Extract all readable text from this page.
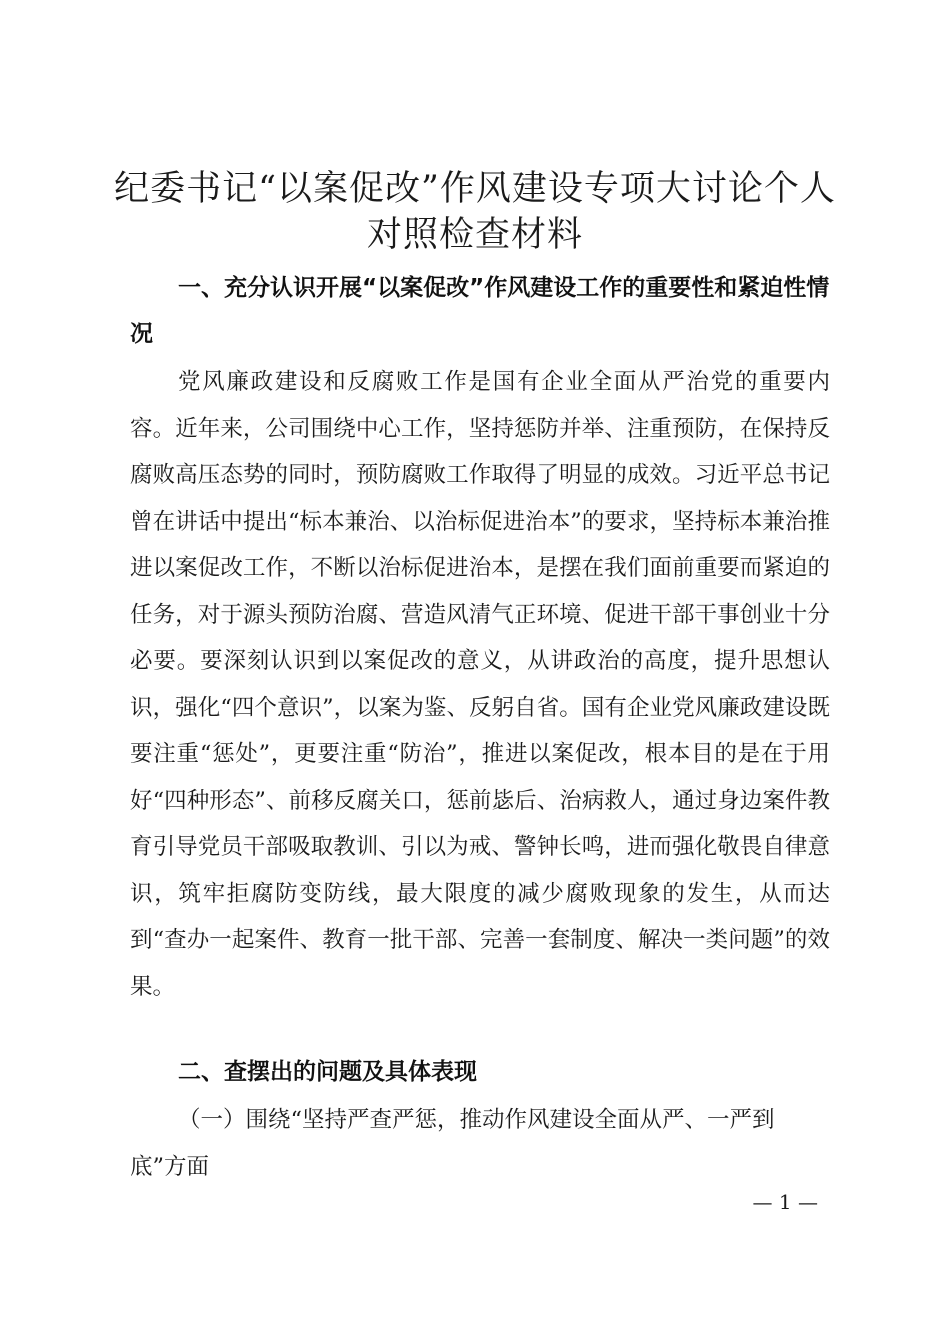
纪委书记“以案促改”作风建设专项大讨论个人对照检查材料
一、充分认识开展“以案促改”作风建设工作的重要性和紧迫性情况

党风廉政建设和反腐败工作是国有企业全面从严治党的重要内容。近年来，公司围绕中心工作，坚持惩防并举、注重预防，在保持反腐败高压态势的同时，预防腐败工作取得了明显的成效。习近平总书记曾在讲话中提出“标本兼治、以治标促进治本”的要求，坚持标本兼治推进以案促改工作，不断以治标促进治本，是摆在我们面前重要而紧迫的任务，对于源头预防治腐、营造风清气正环境、促进干部干事创业十分必要。要深刻认识到以案促改的意义，从讲政治的高度，提升思想认识，强化“四个意识”，以案为鉴、反躬自省。国有企业党风廉政建设既要注重“惩处”，更要注重“防治”，推进以案促改，根本目的是在于用好“四种形态”、前移反腐关口，惩前毖后、治病救人，通过身边案件教育引导党员干部吸取教训、引以为戒、警钟长鸣，进而强化敬畏自律意识，筑牢拒腐防变防线，最大限度的减少腐败现象的发生，从而达到“查办一起案件、教育一批干部、完善一套制度、解决一类问题”的效果。

二、查摆出的问题及具体表现

（一）围绕“坚持严查严惩，推动作风建设全面从严、一严到底”方面

— 1 —
